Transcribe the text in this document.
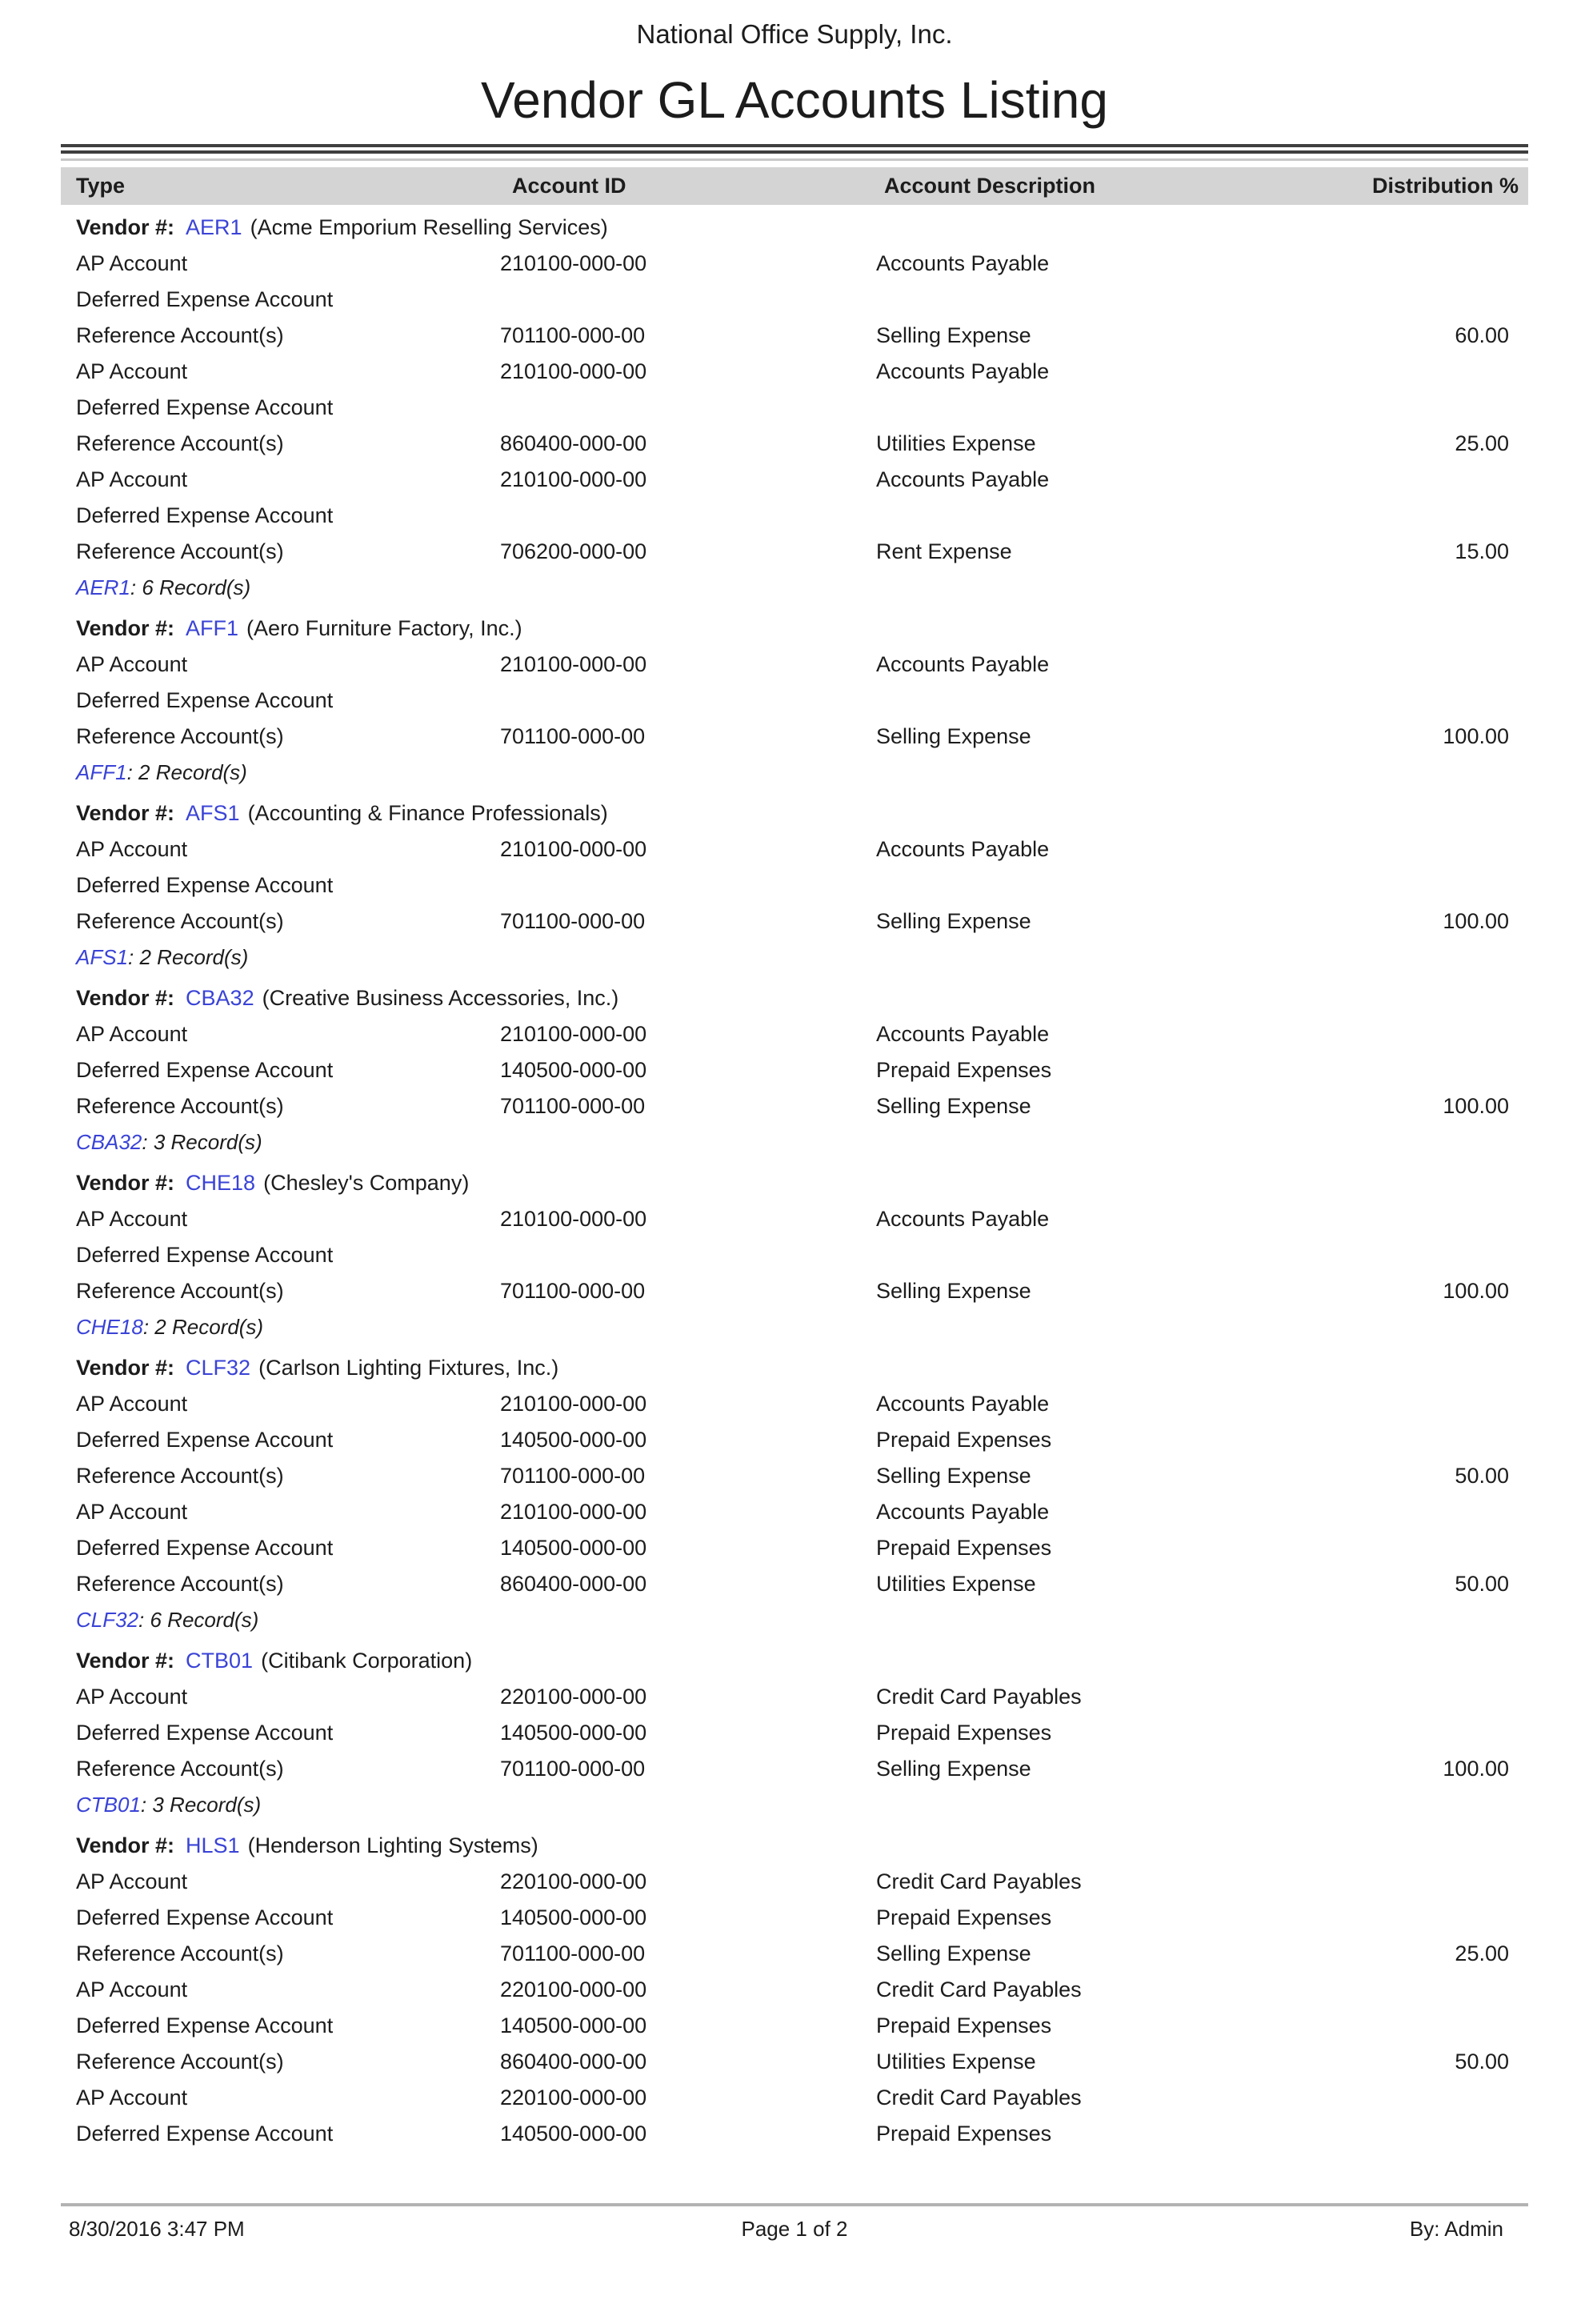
National Office Supply, Inc.
Vendor GL Accounts Listing
Type	Account ID	Account Description	Distribution %
Vendor #: AER1 (Acme Emporium Reselling Services)
AP Account	210100-000-00	Accounts Payable
Deferred Expense Account
Reference Account(s)	701100-000-00	Selling Expense	60.00
AP Account	210100-000-00	Accounts Payable
Deferred Expense Account
Reference Account(s)	860400-000-00	Utilities Expense	25.00
AP Account	210100-000-00	Accounts Payable
Deferred Expense Account
Reference Account(s)	706200-000-00	Rent Expense	15.00
AER1 : 6 Record(s)
Vendor #: AFF1 (Aero Furniture Factory, Inc.)
AP Account	210100-000-00	Accounts Payable
Deferred Expense Account
Reference Account(s)	701100-000-00	Selling Expense	100.00
AFF1 : 2 Record(s)
Vendor #: AFS1 (Accounting & Finance Professionals)
AP Account	210100-000-00	Accounts Payable
Deferred Expense Account
Reference Account(s)	701100-000-00	Selling Expense	100.00
AFS1 : 2 Record(s)
Vendor #: CBA32 (Creative Business Accessories, Inc.)
AP Account	210100-000-00	Accounts Payable
Deferred Expense Account	140500-000-00	Prepaid Expenses
Reference Account(s)	701100-000-00	Selling Expense	100.00
CBA32 : 3 Record(s)
Vendor #: CHE18 (Chesley's Company)
AP Account	210100-000-00	Accounts Payable
Deferred Expense Account
Reference Account(s)	701100-000-00	Selling Expense	100.00
CHE18 : 2 Record(s)
Vendor #: CLF32 (Carlson Lighting Fixtures, Inc.)
AP Account	210100-000-00	Accounts Payable
Deferred Expense Account	140500-000-00	Prepaid Expenses
Reference Account(s)	701100-000-00	Selling Expense	50.00
AP Account	210100-000-00	Accounts Payable
Deferred Expense Account	140500-000-00	Prepaid Expenses
Reference Account(s)	860400-000-00	Utilities Expense	50.00
CLF32 : 6 Record(s)
Vendor #: CTB01 (Citibank Corporation)
AP Account	220100-000-00	Credit Card Payables
Deferred Expense Account	140500-000-00	Prepaid Expenses
Reference Account(s)	701100-000-00	Selling Expense	100.00
CTB01 : 3 Record(s)
Vendor #: HLS1 (Henderson Lighting Systems)
AP Account	220100-000-00	Credit Card Payables
Deferred Expense Account	140500-000-00	Prepaid Expenses
Reference Account(s)	701100-000-00	Selling Expense	25.00
AP Account	220100-000-00	Credit Card Payables
Deferred Expense Account	140500-000-00	Prepaid Expenses
Reference Account(s)	860400-000-00	Utilities Expense	50.00
AP Account	220100-000-00	Credit Card Payables
Deferred Expense Account	140500-000-00	Prepaid Expenses
8/30/2016 3:47 PM	Page 1 of 2	By: Admin
